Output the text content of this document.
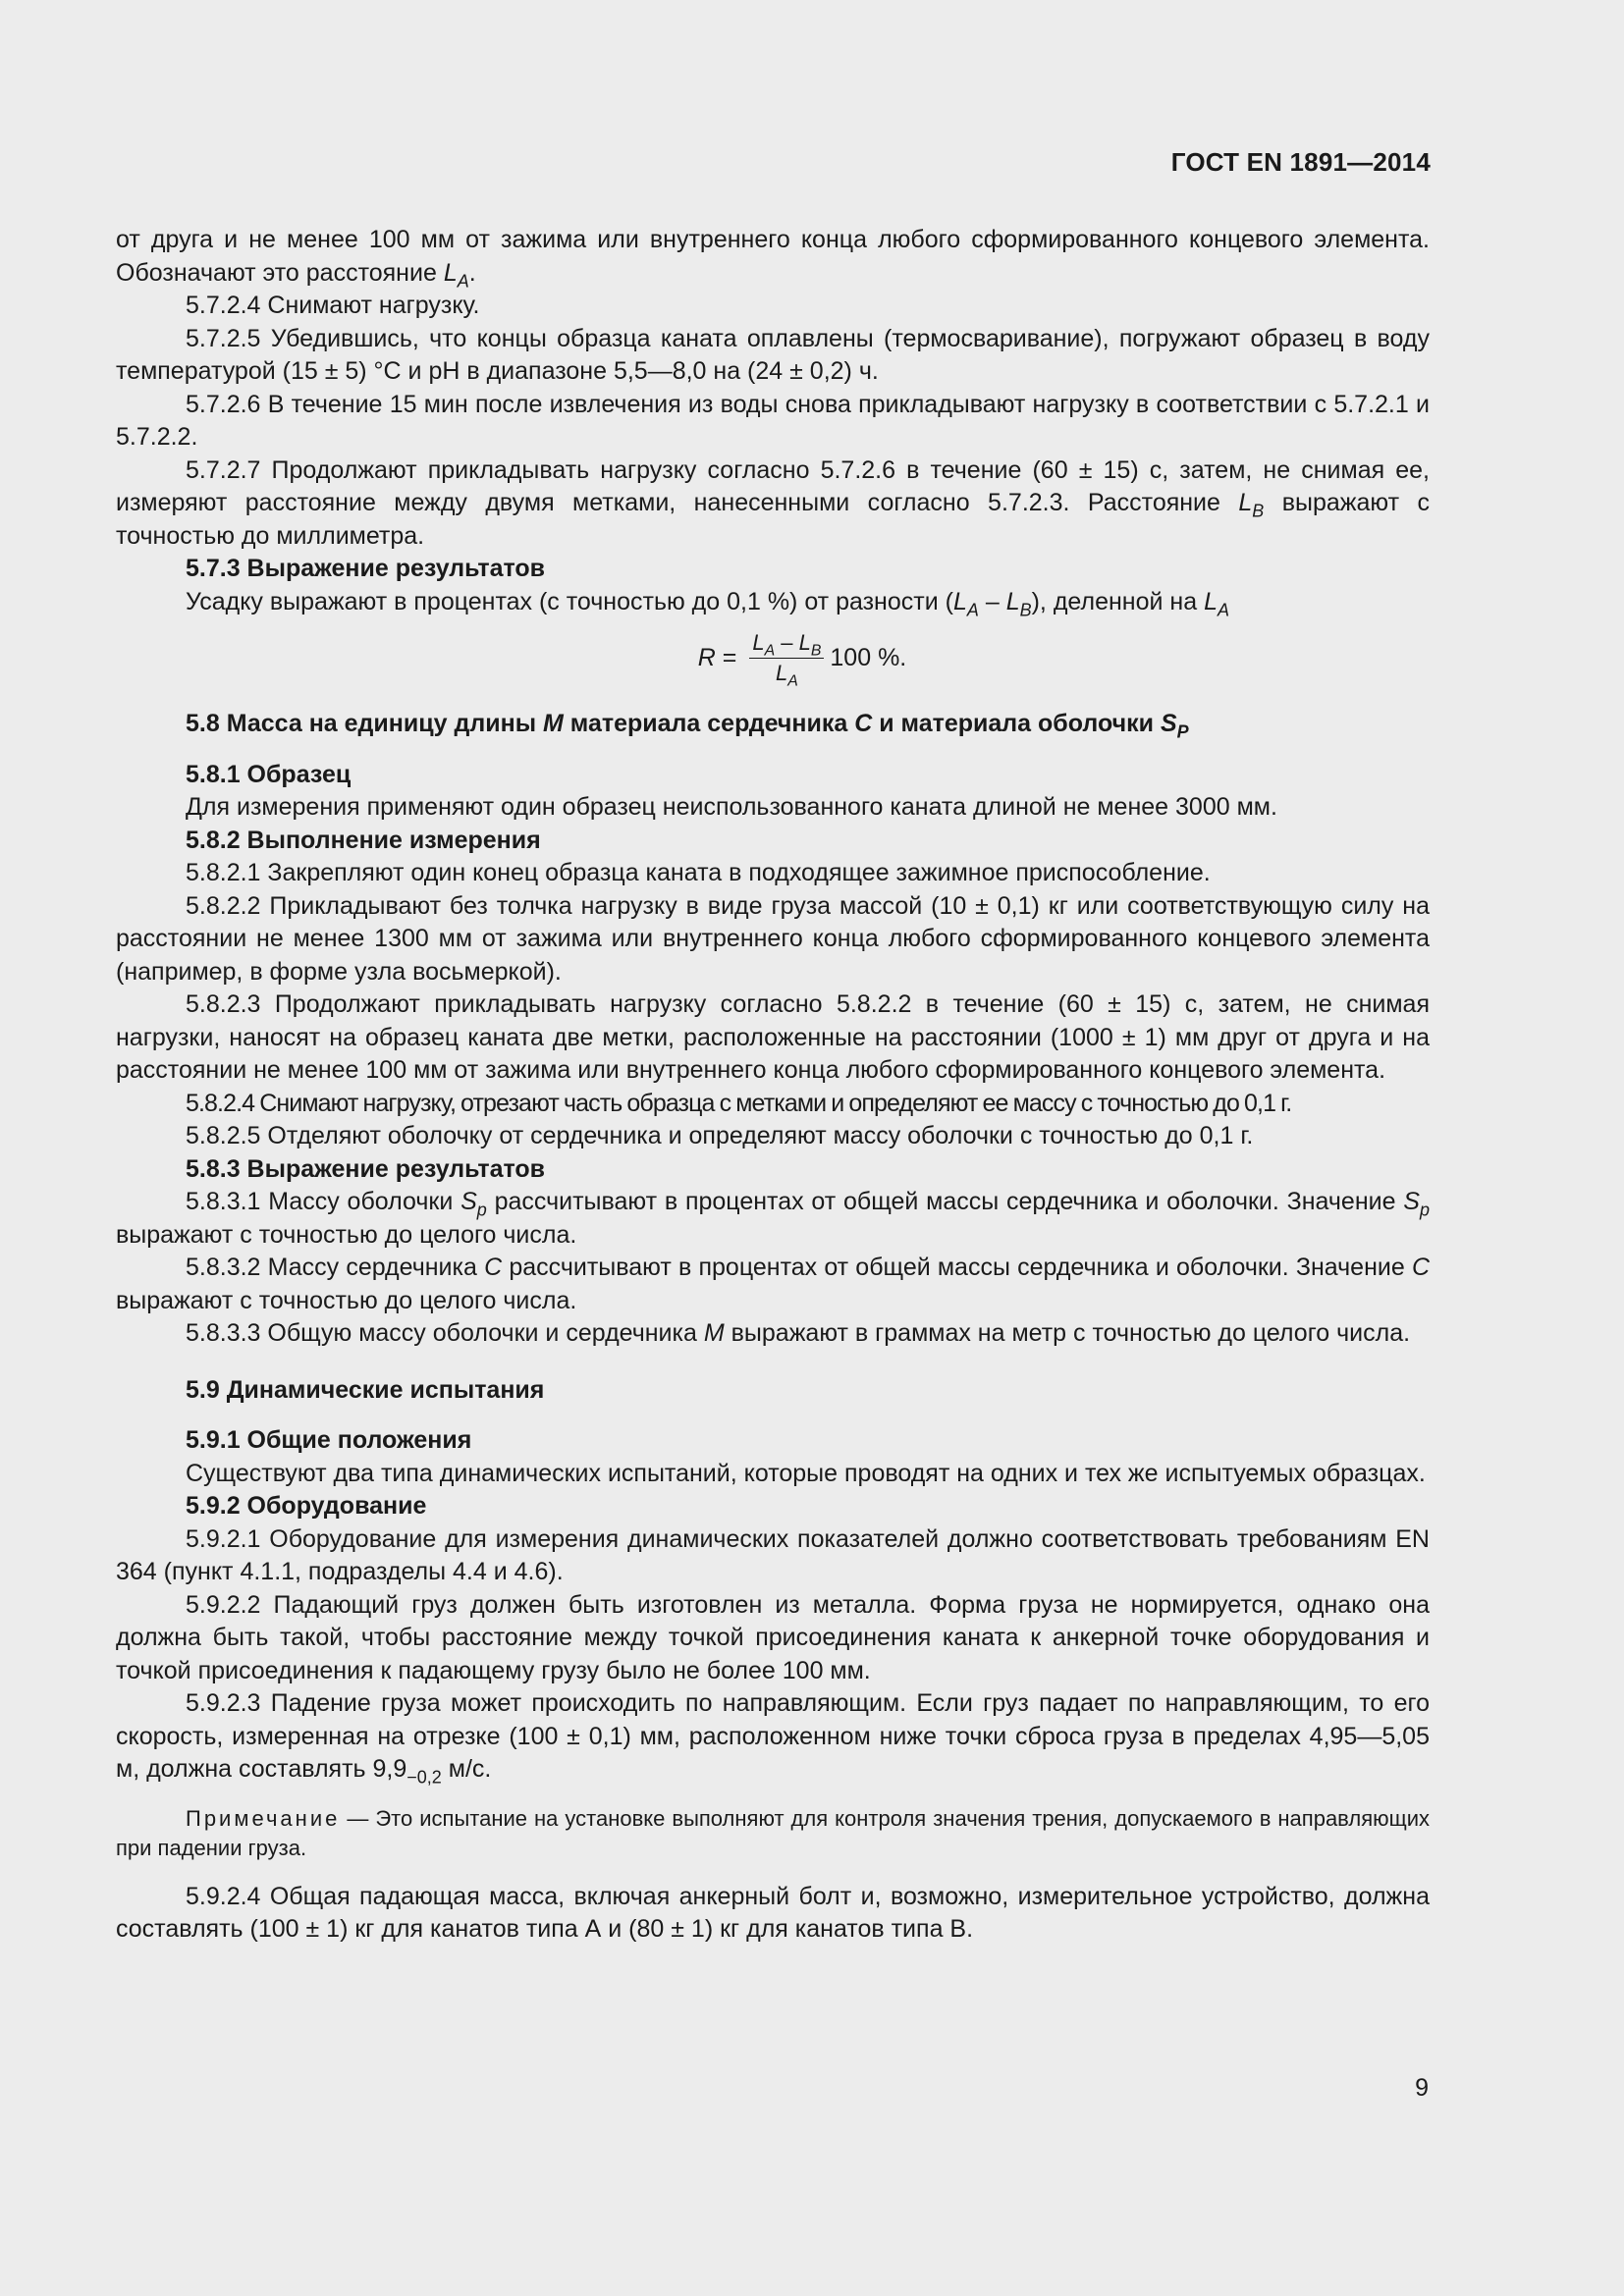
ГОСТ EN 1891—2014

от друга и не менее 100 мм от зажима или внутреннего конца любого сформированного концевого элемента. Обозначают это расстояние $L_A$.

5.7.2.4 Снимают нагрузку.

5.7.2.5 Убедившись, что концы образца каната оплавлены (термосваривание), погружают образец в воду температурой (15 ± 5) °С и рН в диапазоне 5,5—8,0 на (24 ± 0,2) ч.

5.7.2.6 В течение 15 мин после извлечения из воды снова прикладывают нагрузку в соответствии с 5.7.2.1 и 5.7.2.2.

5.7.2.7 Продолжают прикладывать нагрузку согласно 5.7.2.6 в течение (60 ± 15) с, затем, не снимая ее, измеряют расстояние между двумя метками, нанесенными согласно 5.7.2.3. Расстояние $L_B$ выражают с точностью до миллиметра.

5.7.3 Выражение результатов

Усадку выражают в процентах (с точностью до 0,1 %) от разности $(L_A - L_B)$, деленной на $L_A$

$R = \frac{L_A - L_B}{L_A} 100$ %.

5.8 Масса на единицу длины M материала сердечника C и материала оболочки $S_P$

5.8.1 Образец

Для измерения применяют один образец неиспользованного каната длиной не менее 3000 мм.

5.8.2 Выполнение измерения

5.8.2.1 Закрепляют один конец образца каната в подходящее зажимное приспособление.

5.8.2.2 Прикладывают без толчка нагрузку в виде груза массой (10 ± 0,1) кг или соответствующую силу на расстоянии не менее 1300 мм от зажима или внутреннего конца любого сформированного концевого элемента (например, в форме узла восьмеркой).

5.8.2.3 Продолжают прикладывать нагрузку согласно 5.8.2.2 в течение (60 ± 15) с, затем, не снимая нагрузки, наносят на образец каната две метки, расположенные на расстоянии (1000 ± 1) мм друг от друга и на расстоянии не менее 100 мм от зажима или внутреннего конца любого сформированного концевого элемента.

5.8.2.4 Снимают нагрузку, отрезают часть образца с метками и определяют ее массу с точностью до 0,1 г.

5.8.2.5 Отделяют оболочку от сердечника и определяют массу оболочки с точностью до 0,1 г.

5.8.3 Выражение результатов

5.8.3.1 Массу оболочки $S_p$ рассчитывают в процентах от общей массы сердечника и оболочки. Значение $S_p$ выражают с точностью до целого числа.

5.8.3.2 Массу сердечника C рассчитывают в процентах от общей массы сердечника и оболочки. Значение C выражают с точностью до целого числа.

5.8.3.3 Общую массу оболочки и сердечника M выражают в граммах на метр с точностью до целого числа.

5.9 Динамические испытания

5.9.1 Общие положения

Существуют два типа динамических испытаний, которые проводят на одних и тех же испытуемых образцах.

5.9.2 Оборудование

5.9.2.1 Оборудование для измерения динамических показателей должно соответствовать требованиям EN 364 (пункт 4.1.1, подразделы 4.4 и 4.6).

5.9.2.2 Падающий груз должен быть изготовлен из металла. Форма груза не нормируется, однако она должна быть такой, чтобы расстояние между точкой присоединения каната к анкерной точке оборудования и точкой присоединения к падающему грузу было не более 100 мм.

5.9.2.3 Падение груза может происходить по направляющим. Если груз падает по направляющим, то его скорость, измеренная на отрезке (100 ± 0,1) мм, расположенном ниже точки сброса груза в пределах 4,95—5,05 м, должна составлять $9,9_{-0,2}$ м/с.

Примечание — Это испытание на установке выполняют для контроля значения трения, допускаемого в направляющих при падении груза.

5.9.2.4 Общая падающая масса, включая анкерный болт и, возможно, измерительное устройство, должна составлять (100 ± 1) кг для канатов типа А и (80 ± 1) кг для канатов типа В.

9
